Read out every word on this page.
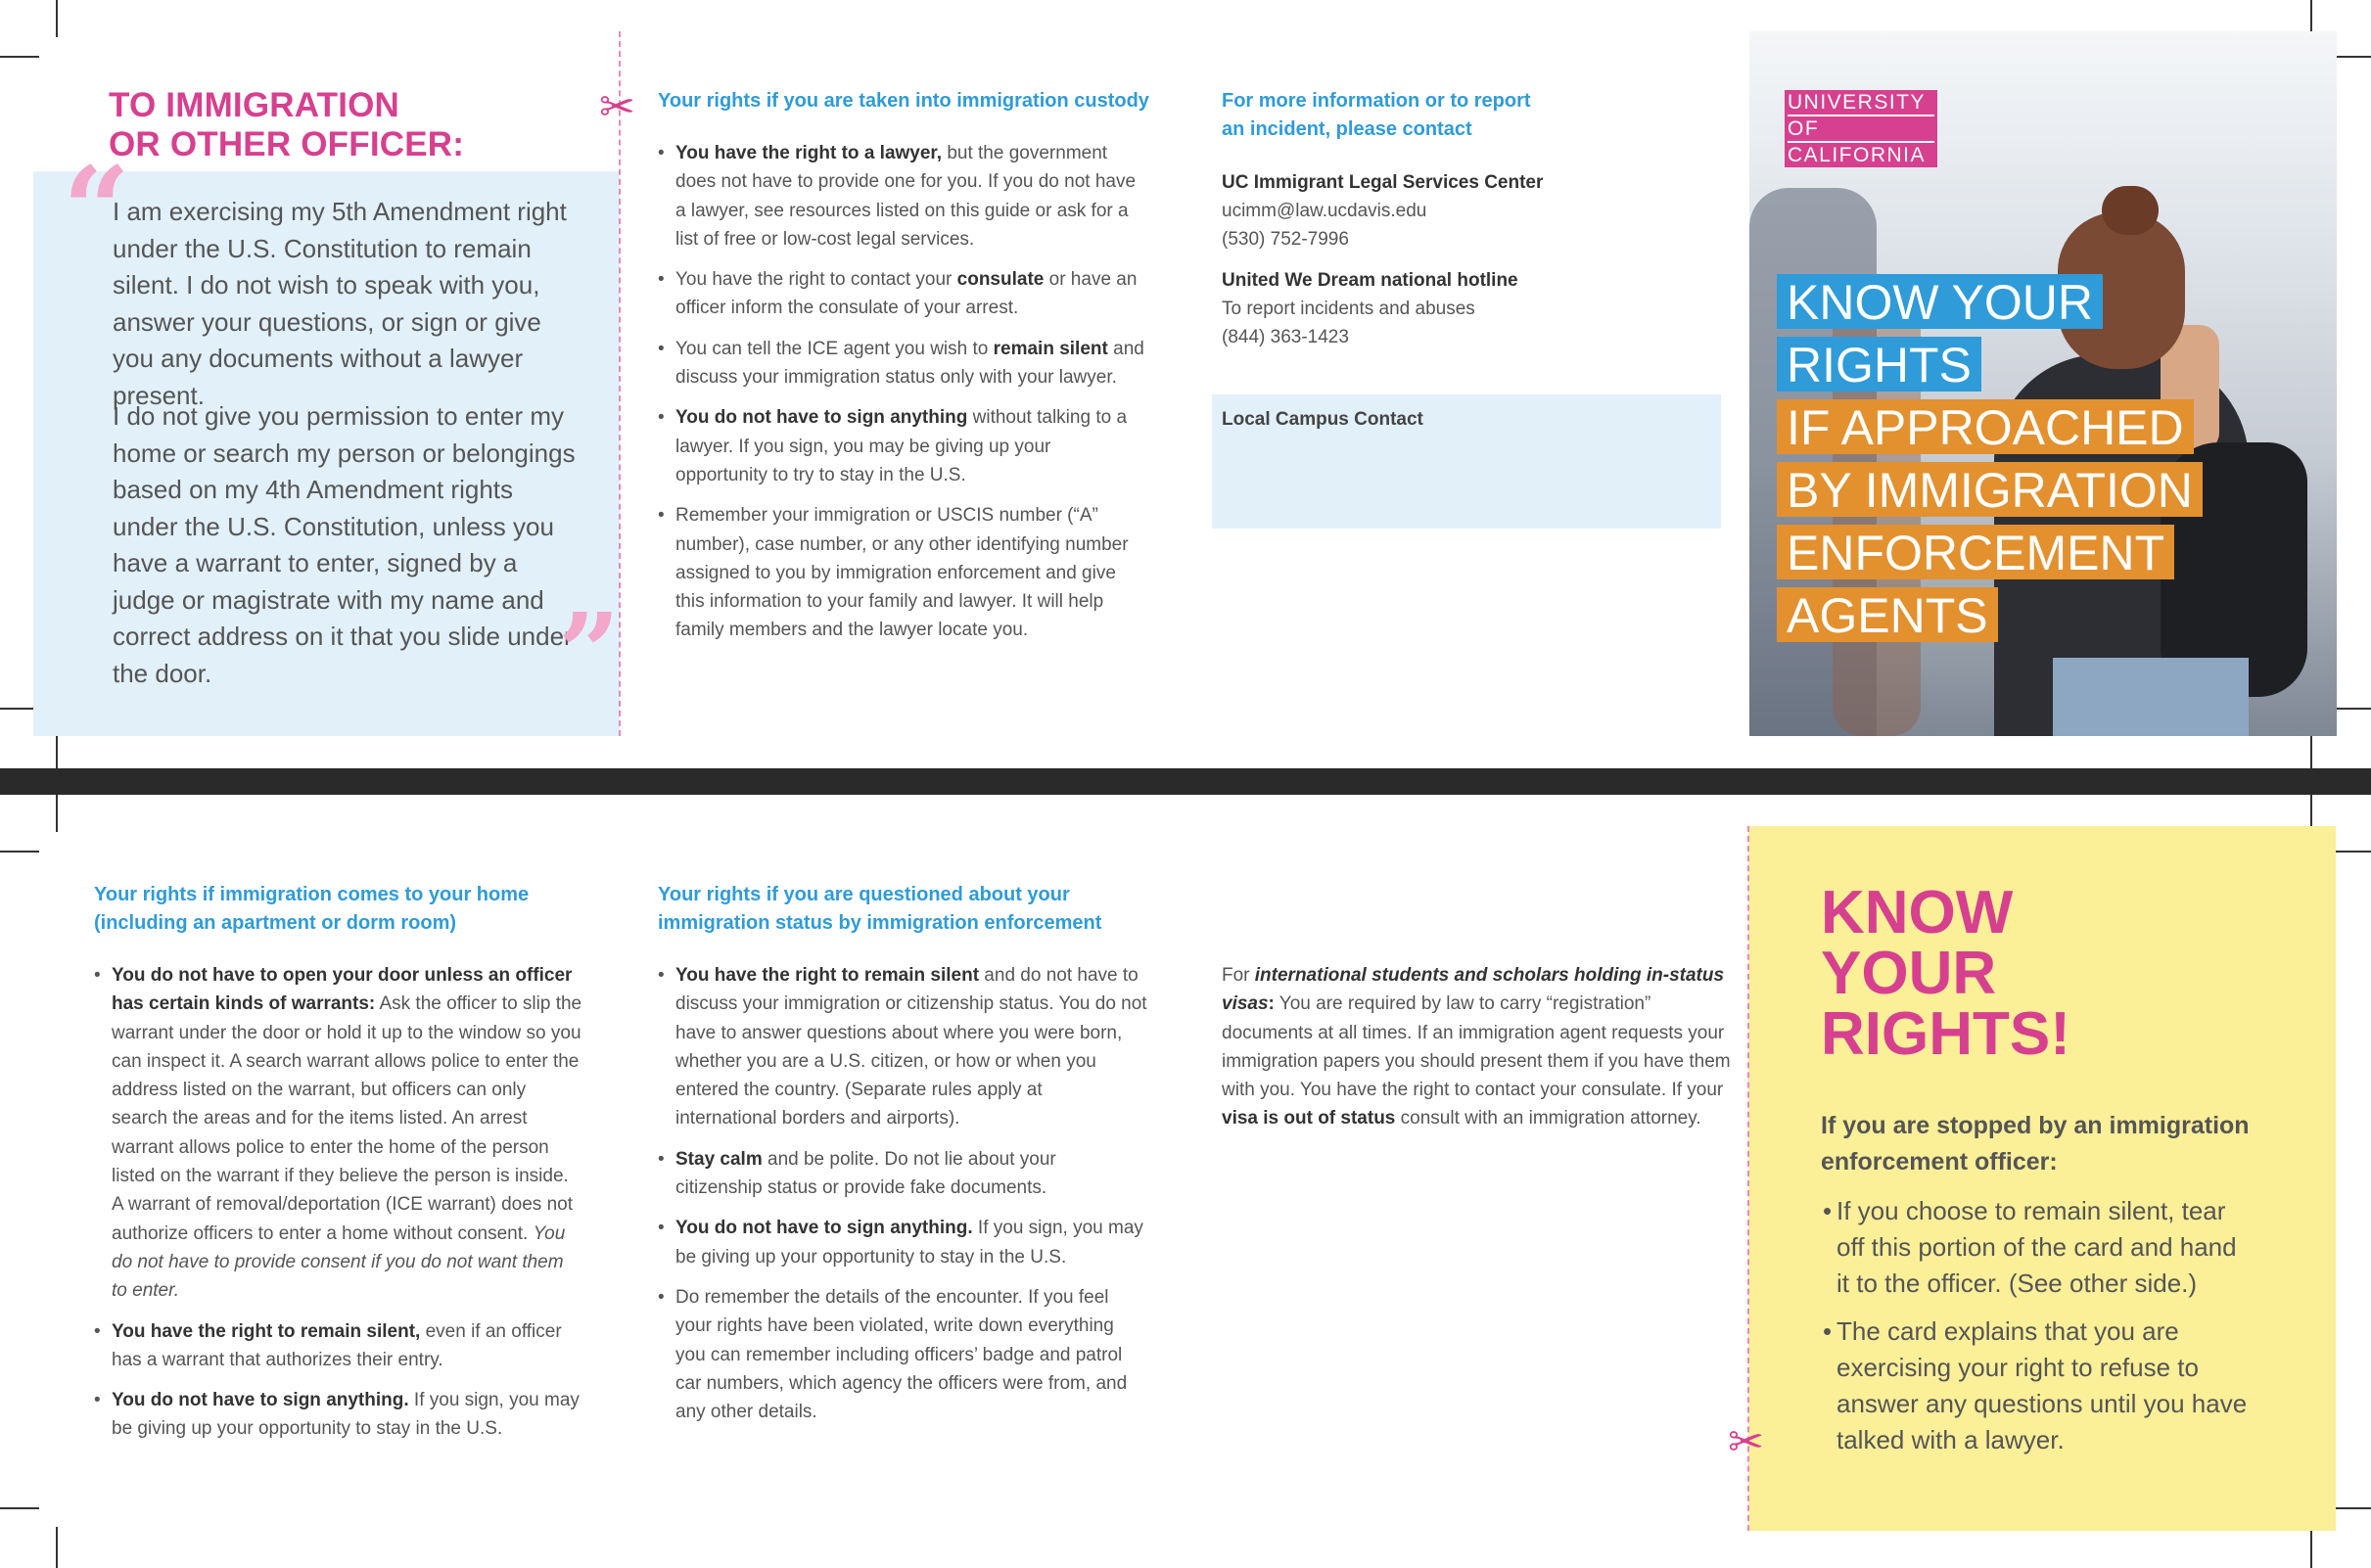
TO IMMIGRATION
OR OTHER OFFICER:
“

I am exercising my 5th Amendment right under the U.S. Constitution to remain silent. I do not wish to speak with you, answer your questions, or sign or give you any documents without a lawyer present.

I do not give you permission to enter my home or search my person or belongings based on my 4th Amendment rights under the U.S. Constitution, unless you have a warrant to enter, signed by a judge or magistrate with my name and correct address on it that you slide under the door.	”
✂ Your rights if you are taken into immigration custody
• You have the right to a lawyer, but the government does not have to provide one for you. If you do not have a lawyer, see resources listed on this guide or ask for a list of free or low-cost legal services.
• You have the right to contact your consulate or have an officer inform the consulate of your arrest.
• You can tell the ICE agent you wish to remain silent and discuss your immigration status only with your lawyer.
• You do not have to sign anything without talking to a lawyer. If you sign, you may be giving up your opportunity to try to stay in the U.S.
• Remember your immigration or USCIS number (“A” number), case number, or any other identifying number assigned to you by immigration enforcement and give this information to your family and lawyer. It will help family members and the lawyer locate you.
For more information or to report
an incident, please contact
UC Immigrant Legal Services Center
ucimm@law.ucdavis.edu
(530) 752-7996
United We Dream national hotline
To report incidents and abuses
(844) 363-1423
Local Campus Contact
UNIVERSITY
OF
CALIFORNIA
KNOW YOUR
RIGHTS
IF APPROACHED
BY IMMIGRATION
ENFORCEMENT
AGENTS
Your rights if immigration comes to your home
(including an apartment or dorm room)
• You do not have to open your door unless an officer has certain kinds of warrants: Ask the officer to slip the warrant under the door or hold it up to the window so you can inspect it. A search warrant allows police to enter the address listed on the warrant, but officers can only search the areas and for the items listed. An arrest warrant allows police to enter the home of the person listed on the warrant if they believe the person is inside. A warrant of removal/deportation (ICE warrant) does not authorize officers to enter a home without consent. You do not have to provide consent if you do not want them to enter.
• You have the right to remain silent, even if an officer has a warrant that authorizes their entry.
• You do not have to sign anything. If you sign, you may be giving up your opportunity to stay in the U.S.
Your rights if you are questioned about your
immigration status by immigration enforcement
• You have the right to remain silent and do not have to discuss your immigration or citizenship status. You do not have to answer questions about where you were born, whether you are a U.S. citizen, or how or when you entered the country. (Separate rules apply at international borders and airports).
• Stay calm and be polite. Do not lie about your citizenship status or provide fake documents.
• You do not have to sign anything. If you sign, you may be giving up your opportunity to stay in the U.S.
• Do remember the details of the encounter. If you feel your rights have been violated, write down everything you can remember including officers’ badge and patrol car numbers, which agency the officers were from, and any other details.

For international students and scholars holding in-status visas: You are required by law to carry “registration” documents at all times. If an immigration agent requests your immigration papers you should present them if you have them with you. You have the right to contact your consulate. If your visa is out of status consult with an immigration attorney.

✂
KNOW
YOUR
RIGHTS!
If you are stopped by an immigration enforcement officer:
• If you choose to remain silent, tear off this portion of the card and hand it to the officer. (See other side.)
• The card explains that you are exercising your right to refuse to answer any questions until you have talked with a lawyer.
